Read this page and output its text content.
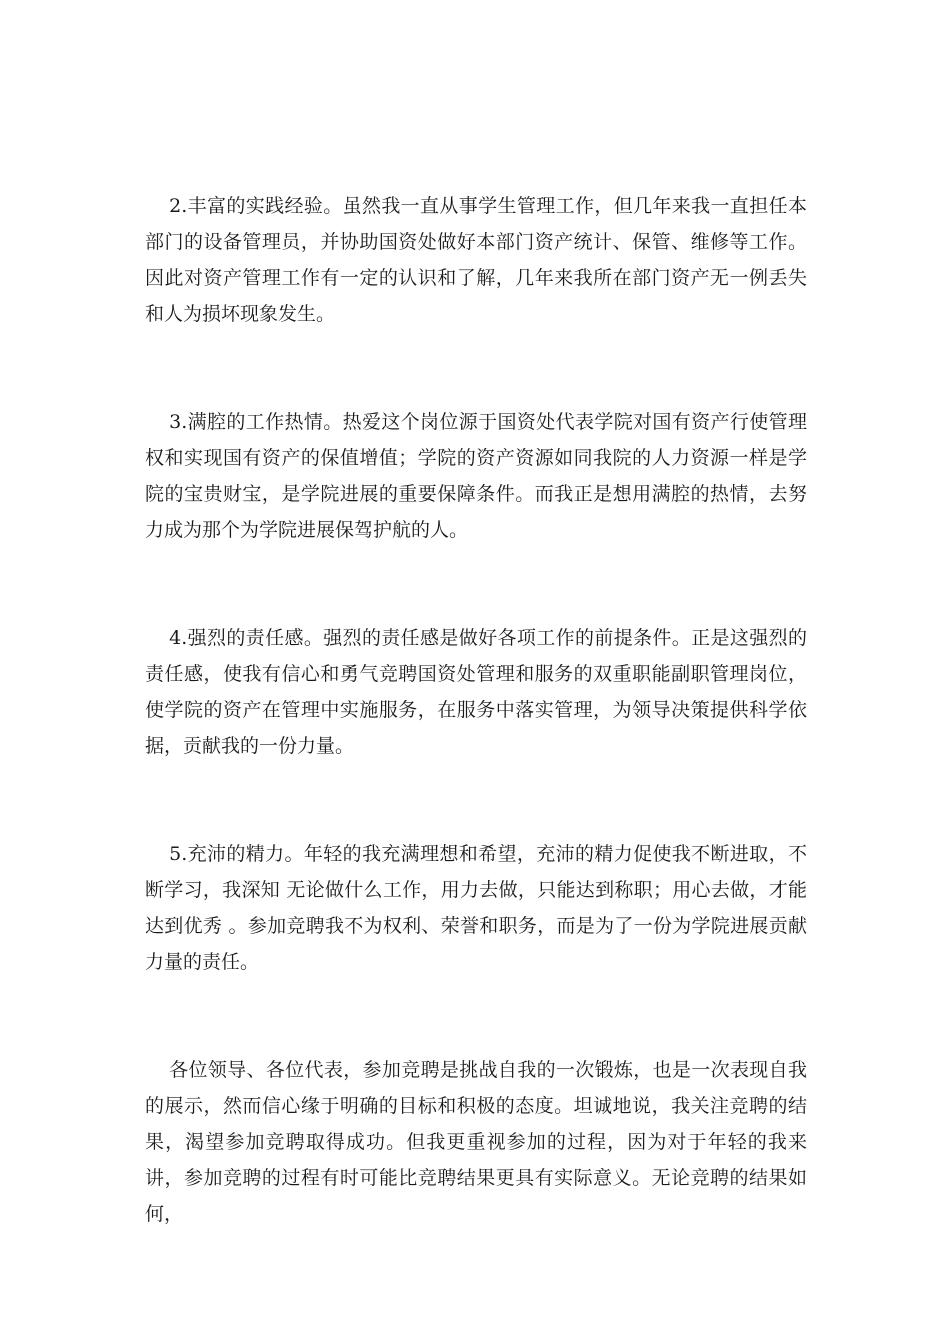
2.丰富的实践经验。虽然我一直从事学生管理工作，但几年来我一直担任本部门的设备管理员，并协助国资处做好本部门资产统计、保管、维修等工作。因此对资产管理工作有一定的认识和了解，几年来我所在部门资产无一例丢失和人为损坏现象发生。

3.满腔的工作热情。热爱这个岗位源于国资处代表学院对国有资产行使管理权和实现国有资产的保值增值；学院的资产资源如同我院的人力资源一样是学院的宝贵财宝，是学院进展的重要保障条件。而我正是想用满腔的热情，去努力成为那个为学院进展保驾护航的人。

4.强烈的责任感。强烈的责任感是做好各项工作的前提条件。正是这强烈的责任感，使我有信心和勇气竞聘国资处管理和服务的双重职能副职管理岗位，使学院的资产在管理中实施服务，在服务中落实管理，为领导决策提供科学依据，贡献我的一份力量。

5.充沛的精力。年轻的我充满理想和希望，充沛的精力促使我不断进取，不断学习，我深知 无论做什么工作，用力去做，只能达到称职；用心去做，才能达到优秀 。参加竞聘我不为权利、荣誉和职务，而是为了一份为学院进展贡献力量的责任。

各位领导、各位代表，参加竞聘是挑战自我的一次锻炼，也是一次表现自我的展示，然而信心缘于明确的目标和积极的态度。坦诚地说，我关注竞聘的结果，渴望参加竞聘取得成功。但我更重视参加的过程，因为对于年轻的我来讲，参加竞聘的过程有时可能比竞聘结果更具有实际意义。无论竞聘的结果如何，
